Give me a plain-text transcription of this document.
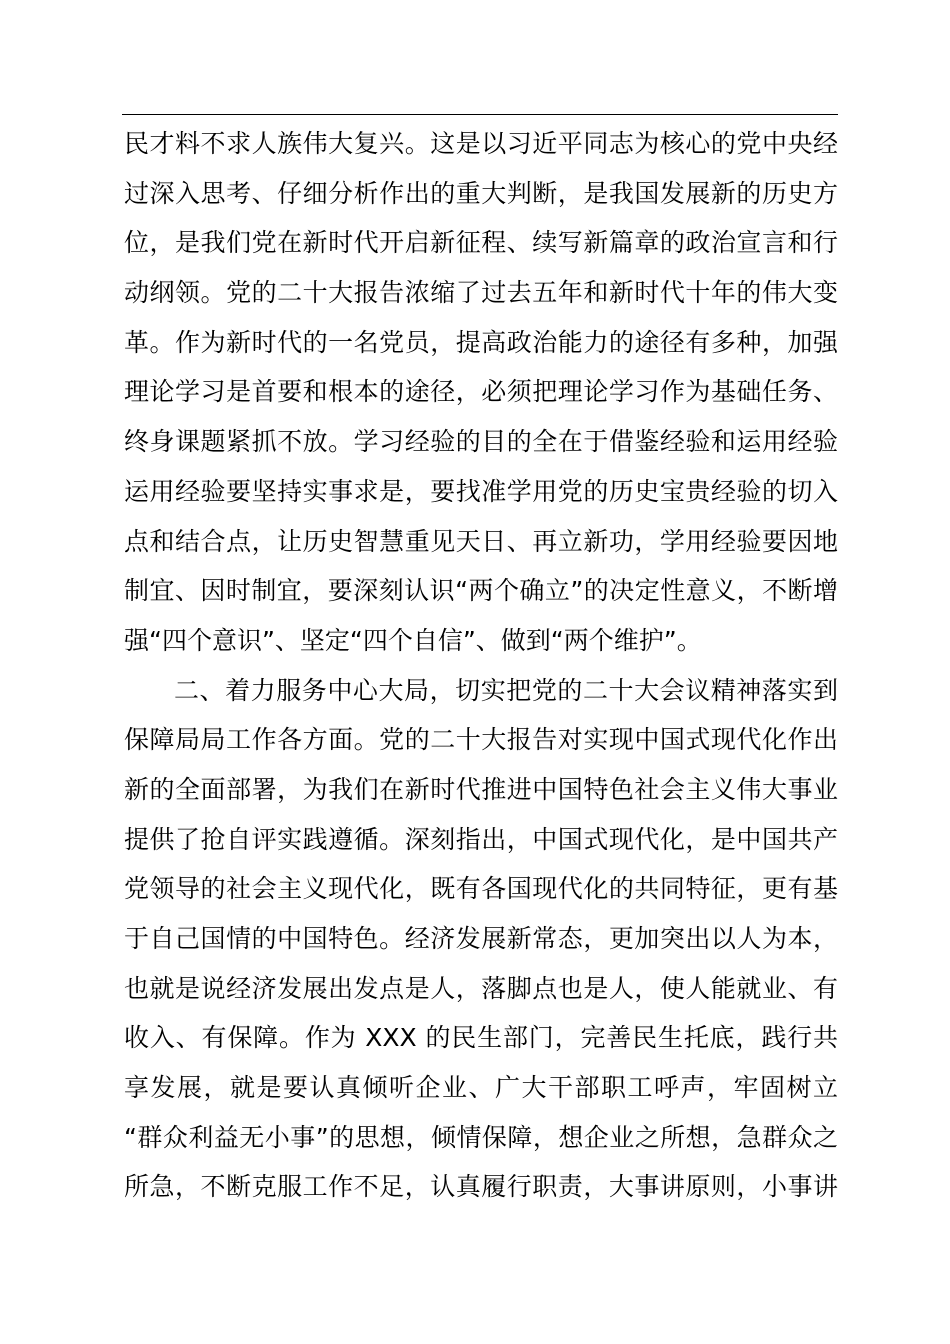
民才料不求人族伟大复兴。这是以习近平同志为核心的党中央经
过深入思考、仔细分析作出的重大判断，是我国发展新的历史方
位，是我们党在新时代开启新征程、续写新篇章的政治宣言和行
动纲领。党的二十大报告浓缩了过去五年和新时代十年的伟大变
革。作为新时代的一名党员，提高政治能力的途径有多种，加强
理论学习是首要和根本的途径，必须把理论学习作为基础任务、
终身课题紧抓不放。学习经验的目的全在于借鉴经验和运用经验
运用经验要坚持实事求是，要找准学用党的历史宝贵经验的切入
点和结合点，让历史智慧重见天日、再立新功，学用经验要因地
制宜、因时制宜，要深刻认识“两个确立”的决定性意义，不断增
强“四个意识”、坚定“四个自信”、做到“两个维护”。
二、着力服务中心大局，切实把党的二十大会议精神落实到
保障局局工作各方面。党的二十大报告对实现中国式现代化作出
新的全面部署，为我们在新时代推进中国特色社会主义伟大事业
提供了抢自评实践遵循。深刻指出，中国式现代化，是中国共产
党领导的社会主义现代化，既有各国现代化的共同特征，更有基
于自己国情的中国特色。经济发展新常态，更加突出以人为本，
也就是说经济发展出发点是人，落脚点也是人，使人能就业、有
收入、有保障。作为 XXX 的民生部门，完善民生托底，践行共
享发展，就是要认真倾听企业、广大干部职工呼声，牢固树立
“群众利益无小事”的思想，倾情保障，想企业之所想，急群众之
所急，不断克服工作不足，认真履行职责，大事讲原则，小事讲
